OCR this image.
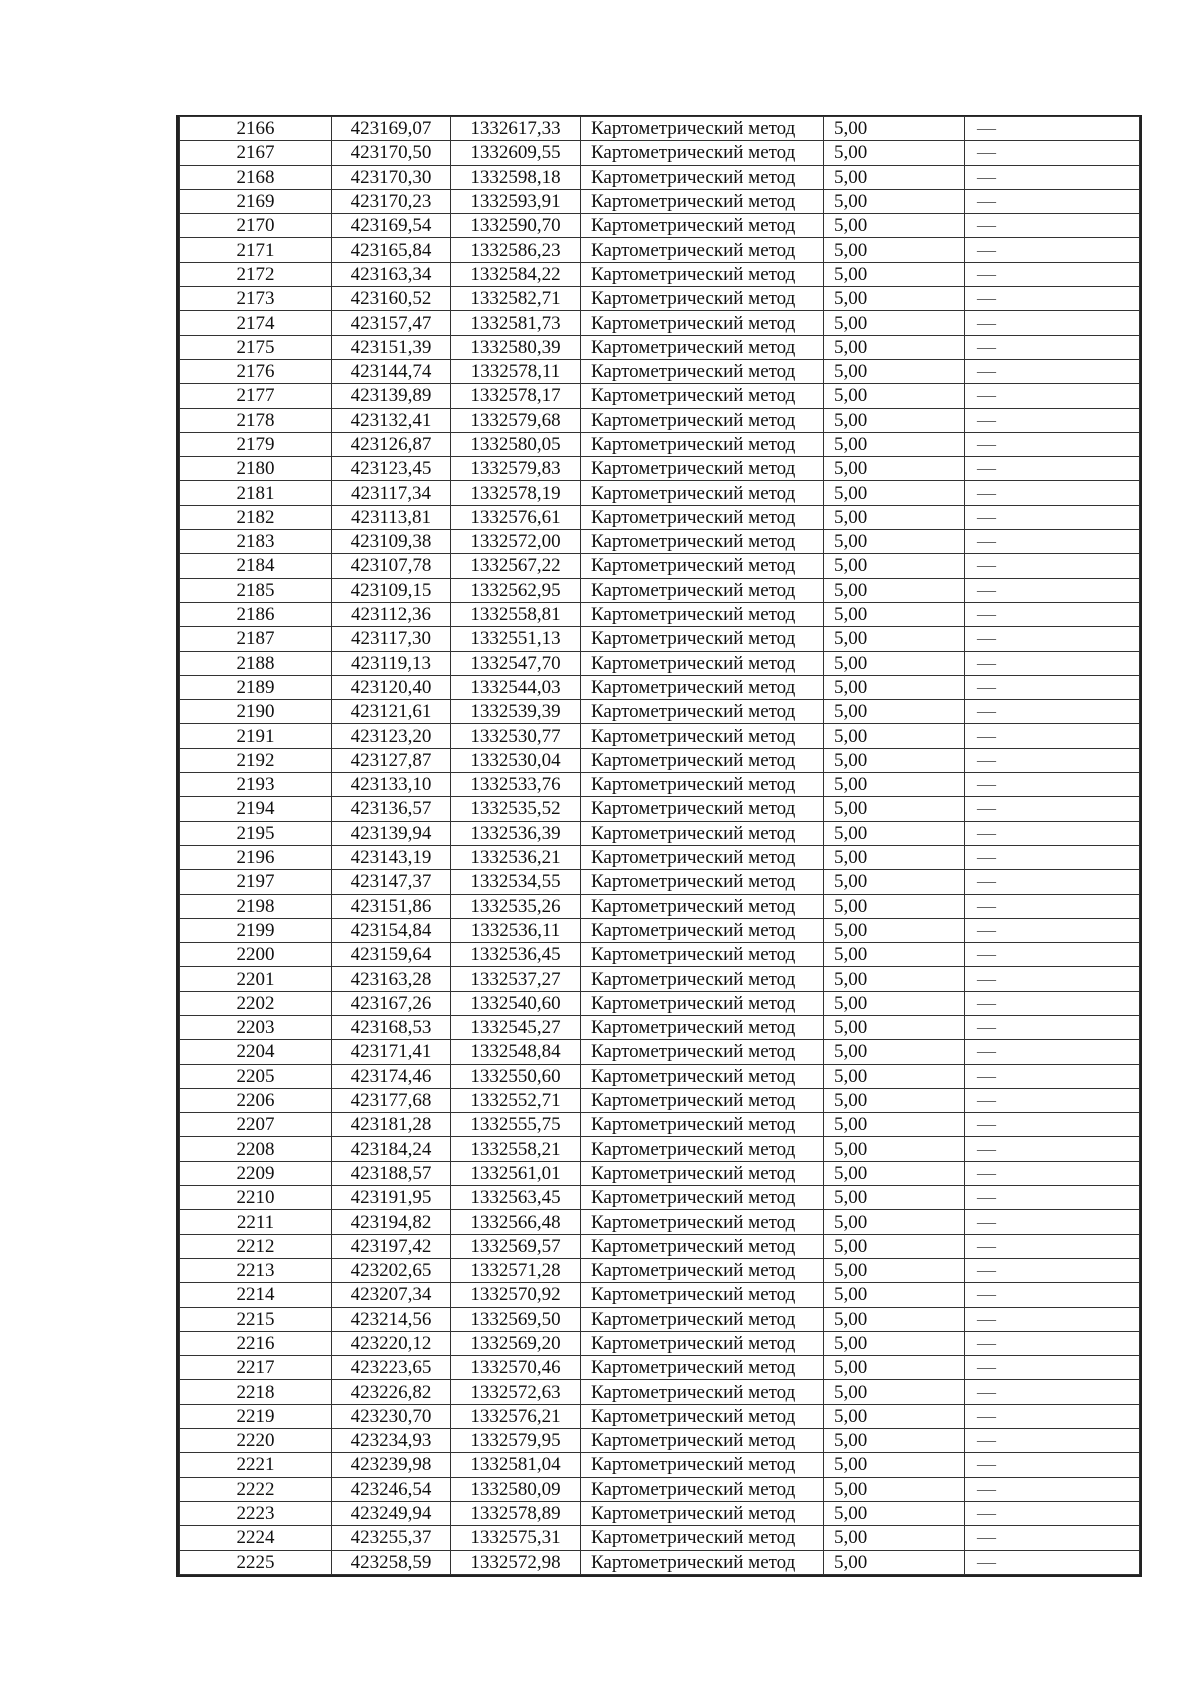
2166	423169,07	1332617,33	Картометрический метод	5,00	—
2167	423170,50	1332609,55	Картометрический метод	5,00	—
2168	423170,30	1332598,18	Картометрический метод	5,00	—
2169	423170,23	1332593,91	Картометрический метод	5,00	—
2170	423169,54	1332590,70	Картометрический метод	5,00	—
2171	423165,84	1332586,23	Картометрический метод	5,00	—
2172	423163,34	1332584,22	Картометрический метод	5,00	—
2173	423160,52	1332582,71	Картометрический метод	5,00	—
2174	423157,47	1332581,73	Картометрический метод	5,00	—
2175	423151,39	1332580,39	Картометрический метод	5,00	—
2176	423144,74	1332578,11	Картометрический метод	5,00	—
2177	423139,89	1332578,17	Картометрический метод	5,00	—
2178	423132,41	1332579,68	Картометрический метод	5,00	—
2179	423126,87	1332580,05	Картометрический метод	5,00	—
2180	423123,45	1332579,83	Картометрический метод	5,00	—
2181	423117,34	1332578,19	Картометрический метод	5,00	—
2182	423113,81	1332576,61	Картометрический метод	5,00	—
2183	423109,38	1332572,00	Картометрический метод	5,00	—
2184	423107,78	1332567,22	Картометрический метод	5,00	—
2185	423109,15	1332562,95	Картометрический метод	5,00	—
2186	423112,36	1332558,81	Картометрический метод	5,00	—
2187	423117,30	1332551,13	Картометрический метод	5,00	—
2188	423119,13	1332547,70	Картометрический метод	5,00	—
2189	423120,40	1332544,03	Картометрический метод	5,00	—
2190	423121,61	1332539,39	Картометрический метод	5,00	—
2191	423123,20	1332530,77	Картометрический метод	5,00	—
2192	423127,87	1332530,04	Картометрический метод	5,00	—
2193	423133,10	1332533,76	Картометрический метод	5,00	—
2194	423136,57	1332535,52	Картометрический метод	5,00	—
2195	423139,94	1332536,39	Картометрический метод	5,00	—
2196	423143,19	1332536,21	Картометрический метод	5,00	—
2197	423147,37	1332534,55	Картометрический метод	5,00	—
2198	423151,86	1332535,26	Картометрический метод	5,00	—
2199	423154,84	1332536,11	Картометрический метод	5,00	—
2200	423159,64	1332536,45	Картометрический метод	5,00	—
2201	423163,28	1332537,27	Картометрический метод	5,00	—
2202	423167,26	1332540,60	Картометрический метод	5,00	—
2203	423168,53	1332545,27	Картометрический метод	5,00	—
2204	423171,41	1332548,84	Картометрический метод	5,00	—
2205	423174,46	1332550,60	Картометрический метод	5,00	—
2206	423177,68	1332552,71	Картометрический метод	5,00	—
2207	423181,28	1332555,75	Картометрический метод	5,00	—
2208	423184,24	1332558,21	Картометрический метод	5,00	—
2209	423188,57	1332561,01	Картометрический метод	5,00	—
2210	423191,95	1332563,45	Картометрический метод	5,00	—
2211	423194,82	1332566,48	Картометрический метод	5,00	—
2212	423197,42	1332569,57	Картометрический метод	5,00	—
2213	423202,65	1332571,28	Картометрический метод	5,00	—
2214	423207,34	1332570,92	Картометрический метод	5,00	—
2215	423214,56	1332569,50	Картометрический метод	5,00	—
2216	423220,12	1332569,20	Картометрический метод	5,00	—
2217	423223,65	1332570,46	Картометрический метод	5,00	—
2218	423226,82	1332572,63	Картометрический метод	5,00	—
2219	423230,70	1332576,21	Картометрический метод	5,00	—
2220	423234,93	1332579,95	Картометрический метод	5,00	—
2221	423239,98	1332581,04	Картометрический метод	5,00	—
2222	423246,54	1332580,09	Картометрический метод	5,00	—
2223	423249,94	1332578,89	Картометрический метод	5,00	—
2224	423255,37	1332575,31	Картометрический метод	5,00	—
2225	423258,59	1332572,98	Картометрический метод	5,00	—
